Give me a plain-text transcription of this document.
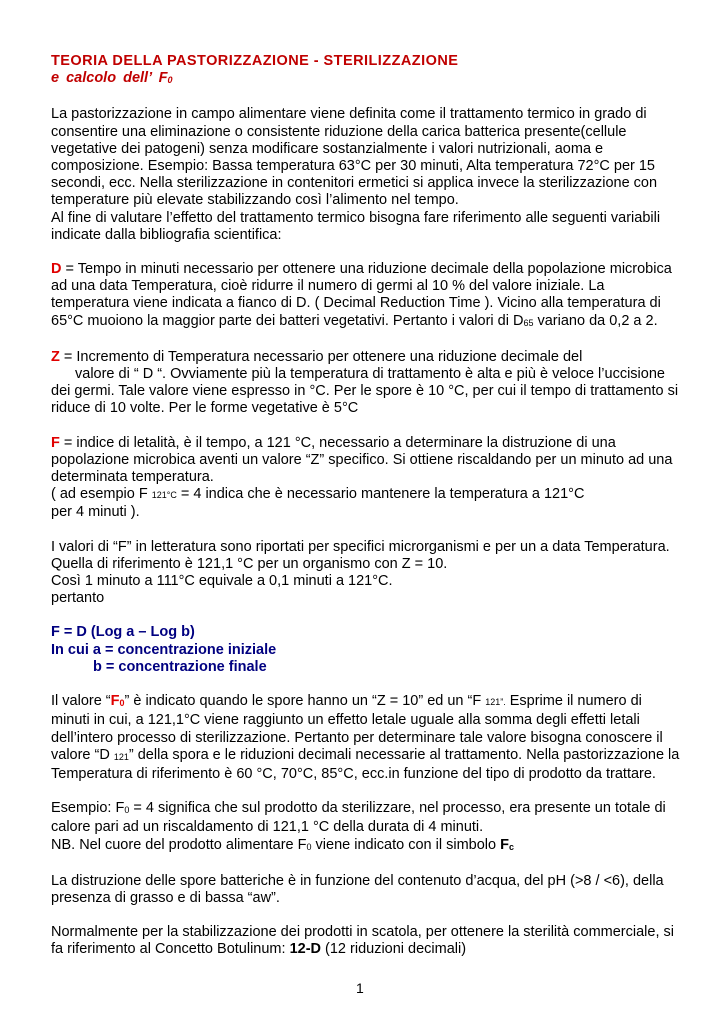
TEORIA DELLA PASTORIZZAZIONE - STERILIZZAZIONE

e calcolo dell’ $F_0$

La pastorizzazione in campo alimentare viene definita come il trattamento termico in grado di consentire una eliminazione o consistente riduzione della carica batterica presente(cellule vegetative dei patogeni) senza modificare sostanzialmente i valori nutrizionali, aoma e composizione. Esempio: Bassa temperatura 63°C per 30 minuti, Alta temperatura 72°C per 15 secondi, ecc. Nella sterilizzazione in contenitori ermetici si applica invece la sterilizzazione con temperature più elevate stabilizzando così l’alimento nel tempo.

Al fine di valutare l’effetto del trattamento termico bisogna fare riferimento alle seguenti variabili indicate dalla bibliografia scientifica:

D = Tempo in minuti necessario per ottenere una riduzione decimale della popolazione microbica ad una data Temperatura, cioè ridurre il numero di germi al 10 % del valore iniziale. La temperatura viene indicata a fianco di D. ( Decimal Reduction Time ). Vicino alla temperatura di 65°C muoiono la maggior parte dei batteri vegetativi. Pertanto i valori di $D_{65}$ variano da 0,2 a 2.

Z = Incremento di Temperatura necessario per ottenere una riduzione decimale del
valore di “ D “. Ovviamente più la temperatura di trattamento è alta e più è veloce l’uccisione dei germi. Tale valore viene espresso in °C. Per le spore è 10 °C, per cui il tempo di trattamento si riduce di 10 volte. Per le forme vegetative è 5°C

F = indice di letalità, è il tempo, a 121 °C, necessario a determinare la distruzione di una popolazione microbica aventi un valore “Z” specifico. Si ottiene riscaldando per un minuto ad una determinata temperatura.
( ad esempio F 121°C = 4 indica che è necessario mantenere la temperatura a 121°C
per 4 minuti ).

I valori di “F” in letteratura sono riportati per specifici microrganismi e per un a data Temperatura. Quella di riferimento è 121,1 °C per un organismo con Z = 10.
Così 1 minuto a 111°C equivale a 0,1 minuti a 121°C.
pertanto

F = D (Log a – Log b)

In cui a = concentrazione iniziale

b = concentrazione finale

Il valore “$F_0$” è indicato quando le spore hanno un “Z = 10” ed un “F 121”. Esprime il numero di minuti in cui, a 121,1°C viene raggiunto un effetto letale uguale alla somma degli effetti letali dell’intero processo di sterilizzazione. Pertanto per determinare tale valore bisogna conoscere il valore “D $_{121}$” della spora e le riduzioni decimali necessarie al trattamento. Nella pastorizzazione la Temperatura di riferimento è 60 °C, 70°C, 85°C, ecc.in funzione del tipo di prodotto da trattare.

Esempio: $F_0 = 4$ significa che sul prodotto da sterilizzare, nel processo, era presente un totale di calore pari ad un riscaldamento di 121,1 °C della durata di 4 minuti.
NB. Nel cuore del prodotto alimentare $F_0$ viene indicato con il simbolo $F_c$

La distruzione delle spore batteriche è in funzione del contenuto d’acqua, del pH (>8 / <6), della presenza di grasso e di bassa “aw”.

Normalmente per la stabilizzazione dei prodotti in scatola, per ottenere la sterilità commerciale, si fa riferimento al Concetto Botulinum: 12-D (12 riduzioni decimali)

1
